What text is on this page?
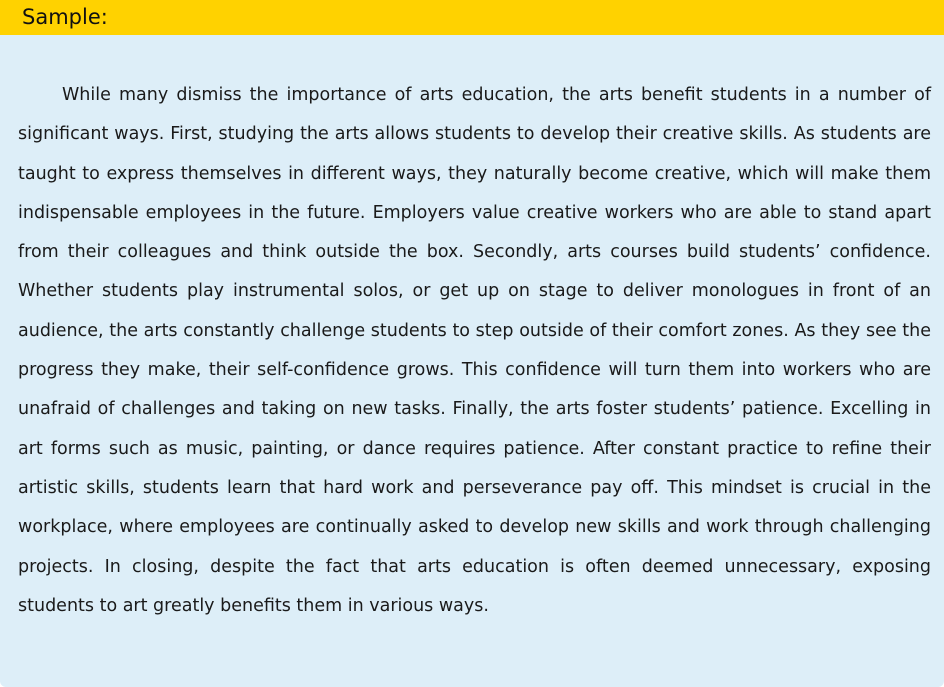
Sample:

While many dismiss the importance of arts education, the arts benefit students in a number of significant ways. First, studying the arts allows students to develop their creative skills. As students are taught to express themselves in different ways, they naturally become creative, which will make them indispensable employees in the future. Employers value creative workers who are able to stand apart from their colleagues and think outside the box. Secondly, arts courses build students’ confidence. Whether students play instrumental solos, or get up on stage to deliver monologues in front of an audience, the arts constantly challenge students to step outside of their comfort zones. As they see the progress they make, their self-confidence grows. This confidence will turn them into workers who are unafraid of challenges and taking on new tasks. Finally, the arts foster students’ patience. Excelling in art forms such as music, painting, or dance requires patience. After constant practice to refine their artistic skills, students learn that hard work and perseverance pay off. This mindset is crucial in the workplace, where employees are continually asked to develop new skills and work through challenging projects. In closing, despite the fact that arts education is often deemed unnecessary, exposing students to art greatly benefits them in various ways.
